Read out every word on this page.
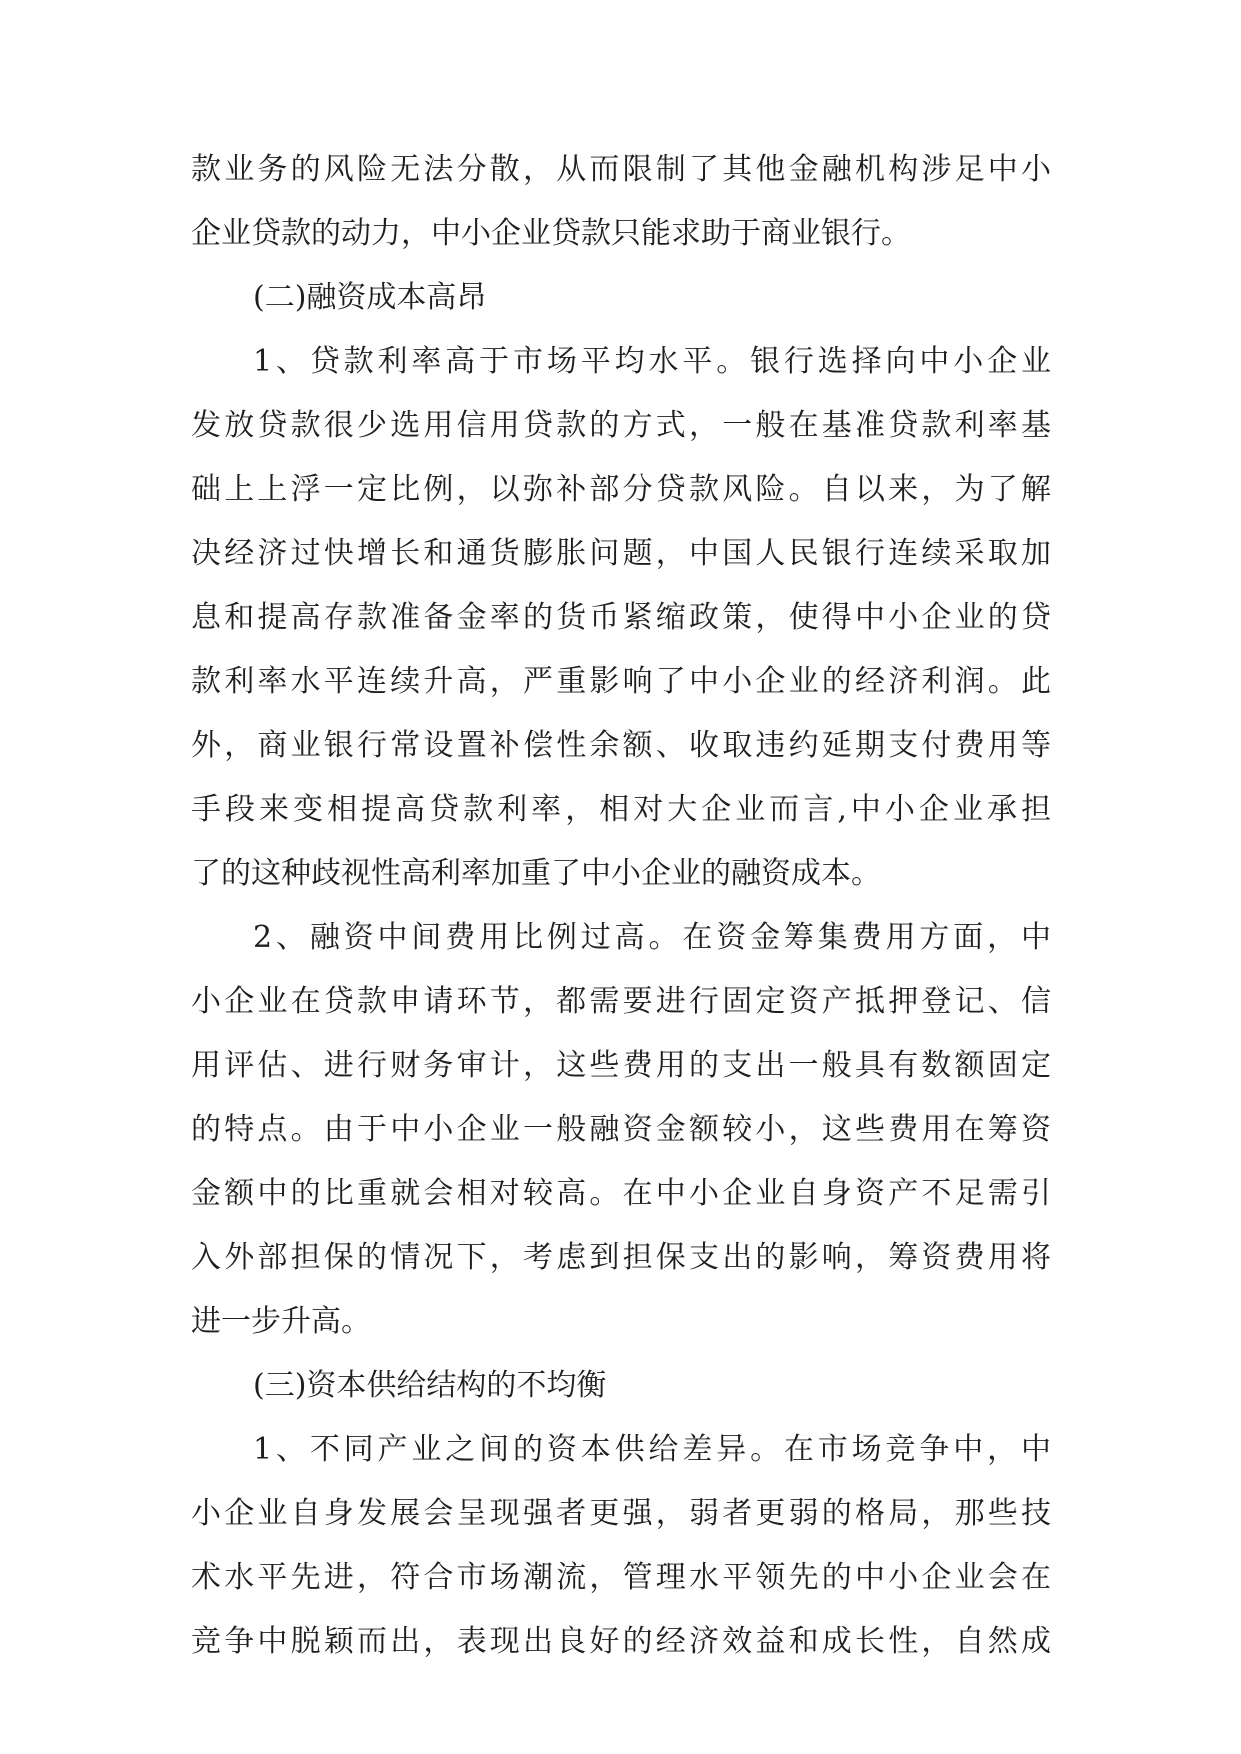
款业务的风险无法分散，从而限制了其他金融机构涉足中小
企业贷款的动力，中小企业贷款只能求助于商业银行。
(二)融资成本高昂
1、贷款利率高于市场平均水平。银行选择向中小企业
发放贷款很少选用信用贷款的方式，一般在基准贷款利率基
础上上浮一定比例，以弥补部分贷款风险。自以来，为了解
决经济过快增长和通货膨胀问题，中国人民银行连续采取加
息和提高存款准备金率的货币紧缩政策，使得中小企业的贷
款利率水平连续升高，严重影响了中小企业的经济利润。此
外，商业银行常设置补偿性余额、收取违约延期支付费用等
手段来变相提高贷款利率，相对大企业而言,中小企业承担
了的这种歧视性高利率加重了中小企业的融资成本。
2、融资中间费用比例过高。在资金筹集费用方面，中
小企业在贷款申请环节，都需要进行固定资产抵押登记、信
用评估、进行财务审计，这些费用的支出一般具有数额固定
的特点。由于中小企业一般融资金额较小，这些费用在筹资
金额中的比重就会相对较高。在中小企业自身资产不足需引
入外部担保的情况下，考虑到担保支出的影响，筹资费用将
进一步升高。
(三)资本供给结构的不均衡
1、不同产业之间的资本供给差异。在市场竞争中，中
小企业自身发展会呈现强者更强，弱者更弱的格局，那些技
术水平先进，符合市场潮流，管理水平领先的中小企业会在
竞争中脱颖而出，表现出良好的经济效益和成长性，自然成
